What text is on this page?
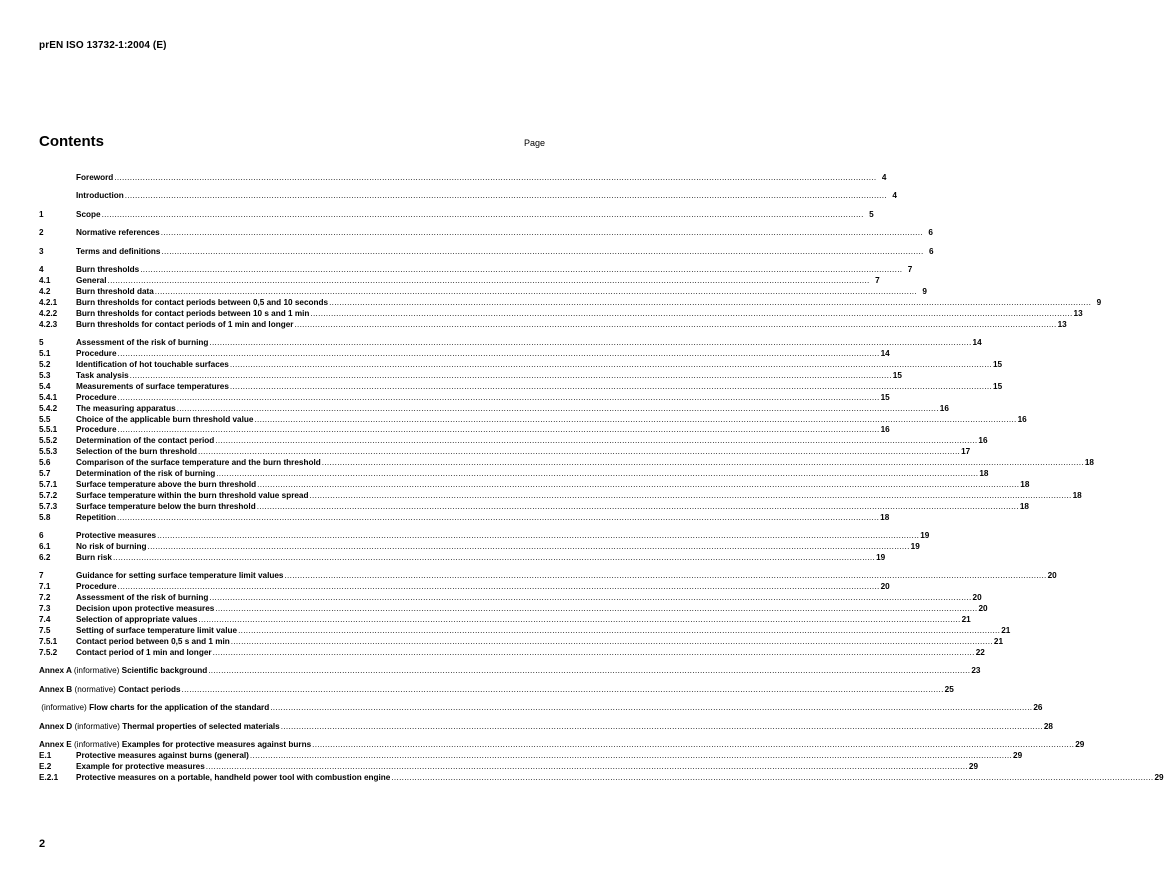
prEN ISO 13732-1:2004 (E)
Contents	Page
Foreword .....	4
Introduction .....	4
1	Scope .....	5
2	Normative references .....	6
3	Terms and definitions .....	6
4	Burn thresholds .....	7
4.1	General .....	7
4.2	Burn threshold data .....	9
4.2.1	Burn thresholds for contact periods between 0,5 and 10 seconds .....	9
4.2.2	Burn thresholds for contact periods between 10 s and 1 min .....	13
4.2.3	Burn thresholds for contact periods of 1 min and longer .....	13
5	Assessment of the risk of burning .....	14
5.1	Procedure .....	14
5.2	Identification of hot touchable surfaces .....	15
5.3	Task analysis .....	15
5.4	Measurements of surface temperatures .....	15
5.4.1	Procedure .....	15
5.4.2	The measuring apparatus .....	16
5.5	Choice of the applicable burn threshold value .....	16
5.5.1	Procedure .....	16
5.5.2	Determination of the contact period .....	16
5.5.3	Selection of the burn threshold .....	17
5.6	Comparison of the surface temperature and the burn threshold .....	18
5.7	Determination of the risk of burning .....	18
5.7.1	Surface temperature above the burn threshold .....	18
5.7.2	Surface temperature within the burn threshold value spread .....	18
5.7.3	Surface temperature below the burn threshold .....	18
5.8	Repetition .....	18
6	Protective measures .....	19
6.1	No risk of burning .....	19
6.2	Burn risk .....	19
7	Guidance for setting surface temperature limit values .....	20
7.1	Procedure .....	20
7.2	Assessment of the risk of burning .....	20
7.3	Decision upon protective measures .....	20
7.4	Selection of appropriate values .....	21
7.5	Setting of surface temperature limit value .....	21
7.5.1	Contact period between 0,5 s and 1 min .....	21
7.5.2	Contact period of 1 min and longer .....	22
Annex A (informative) Scientific background .....	23
Annex B (normative) Contact periods .....	25
(informative) Flow charts for the application of the standard .....	26
Annex D (informative) Thermal properties of selected materials .....	28
Annex E (informative) Examples for protective measures against burns .....	29
E.1	Protective measures against burns (general) .....	29
E.2	Example for protective measures .....	29
E.2.1	Protective measures on a portable, handheld power tool with combustion engine .....	29
2
